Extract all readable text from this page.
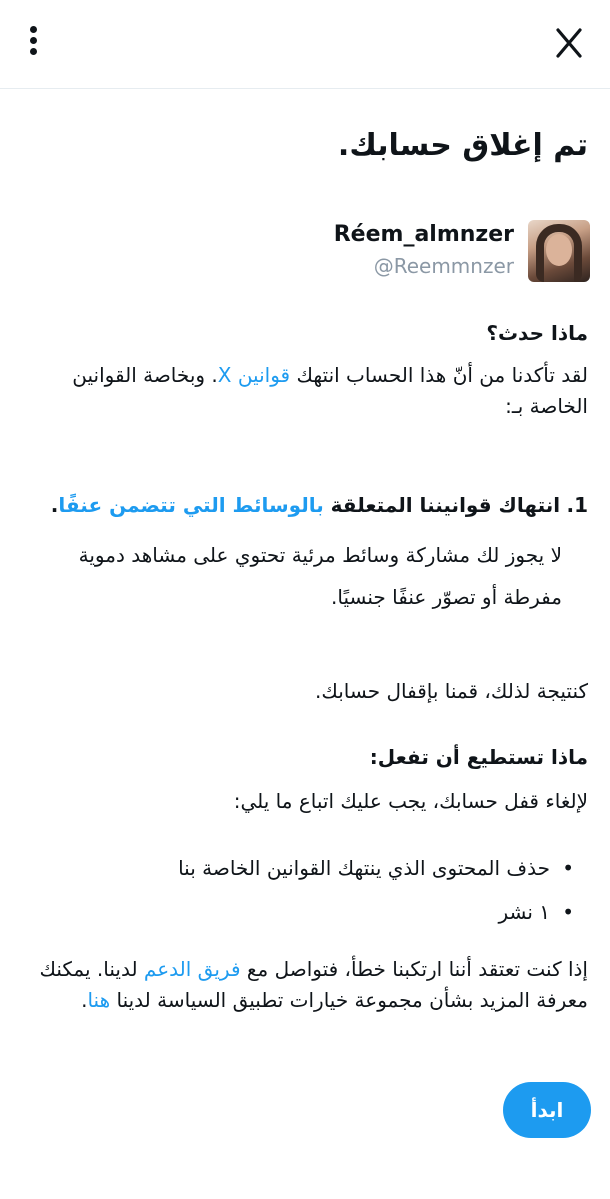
تم إغلاق حسابك.
Réem_almnzer
@Reemmnzer

ماذا حدث؟

لقد تأكدنا من أنّ هذا الحساب انتهك قوانين X. وبخاصة القوانين الخاصة بـ:

1. انتهاك قوانيننا المتعلقة بالوسائط التي تتضمن عنفًا.

لا يجوز لك مشاركة وسائط مرئية تحتوي على مشاهد دموية مفرطة أو تصوّر عنفًا جنسيًا.

كنتيجة لذلك، قمنا بإقفال حسابك.

ماذا تستطيع أن تفعل:

لإلغاء قفل حسابك، يجب عليك اتباع ما يلي:

• حذف المحتوى الذي ينتهك القوانين الخاصة بنا
• ١ نشر

إذا كنت تعتقد أننا ارتكبنا خطأ، فتواصل مع فريق الدعم لدينا. يمكنك معرفة المزيد بشأن مجموعة خيارات تطبيق السياسة لدينا هنا.

ابدأ
